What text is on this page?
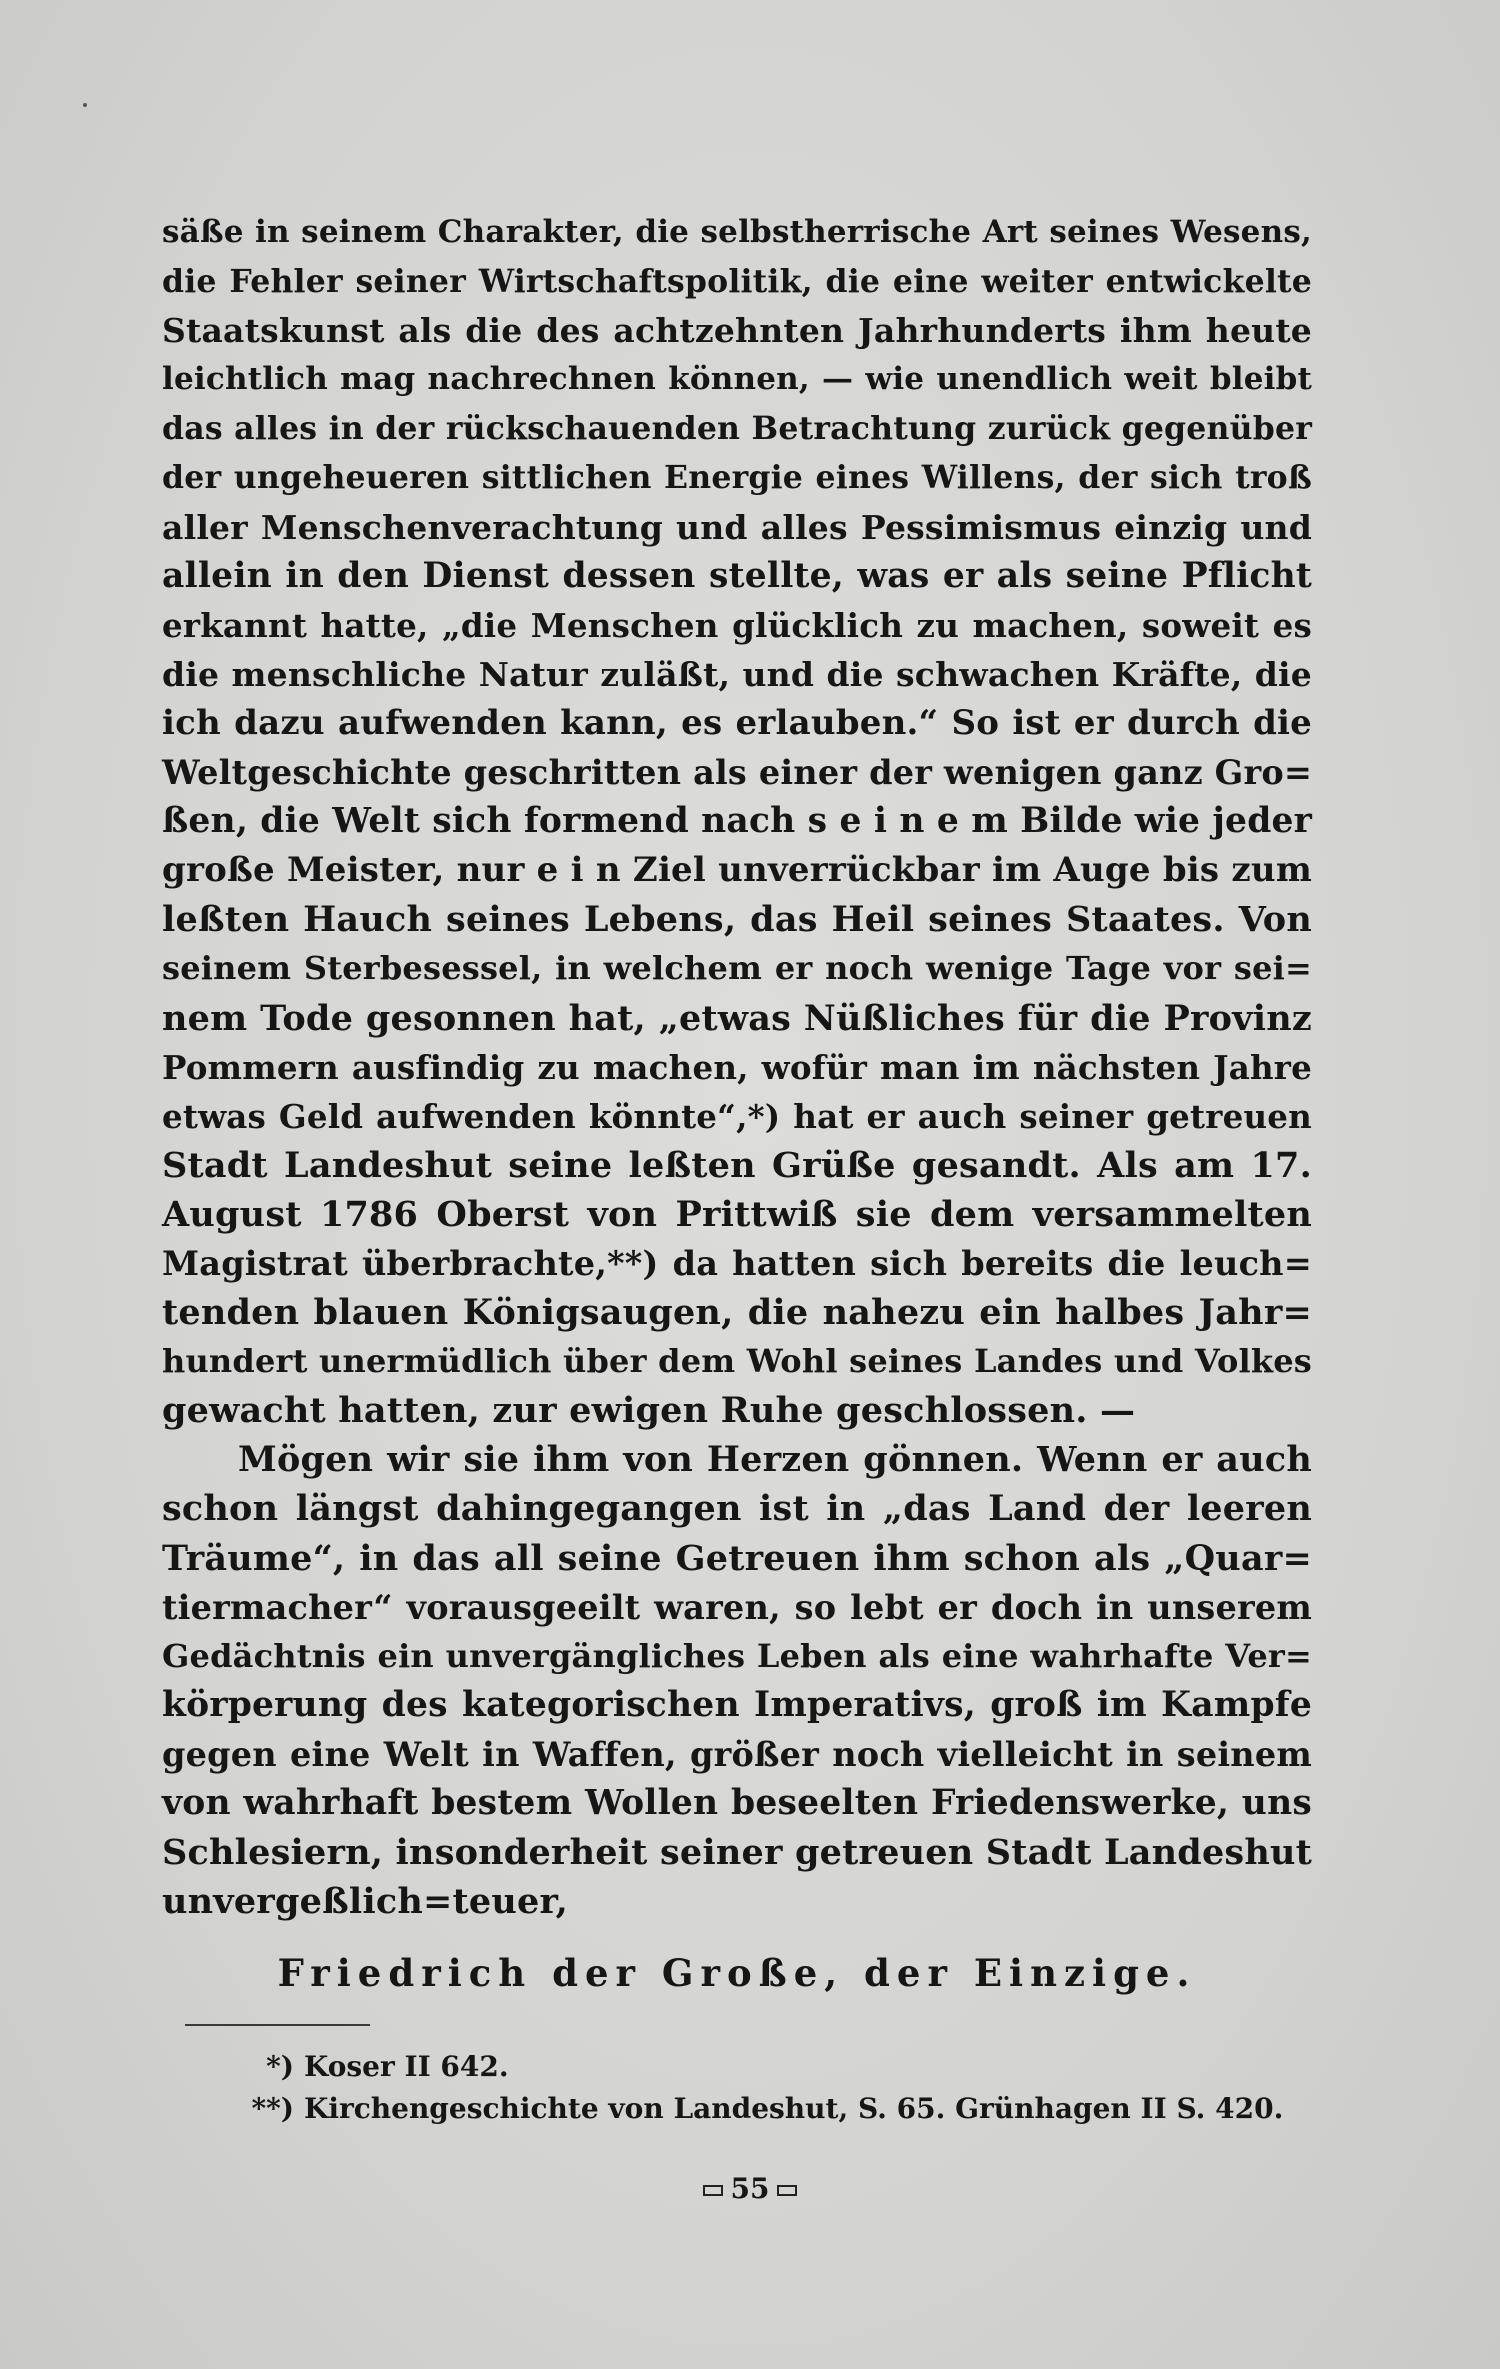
säße in seinem Charakter, die selbstherrische Art seines Wesens,
die Fehler seiner Wirtschaftspolitik, die eine weiter entwickelte
Staatskunst als die des achtzehnten Jahrhunderts ihm heute
leichtlich mag nachrechnen können, — wie unendlich weit bleibt
das alles in der rückschauenden Betrachtung zurück gegenüber
der ungeheueren sittlichen Energie eines Willens, der sich troß
aller Menschenverachtung und alles Pessimismus einzig und
allein in den Dienst dessen stellte, was er als seine Pflicht
erkannt hatte, „die Menschen glücklich zu machen, soweit es
die menschliche Natur zuläßt, und die schwachen Kräfte, die
ich dazu aufwenden kann, es erlauben.“ So ist er durch die
Weltgeschichte geschritten als einer der wenigen ganz Gro=
ßen, die Welt sich formend nach s e i n e m Bilde wie jeder
große Meister, nur e i n Ziel unverrückbar im Auge bis zum
leßten Hauch seines Lebens, das Heil seines Staates. Von
seinem Sterbesessel, in welchem er noch wenige Tage vor sei=
nem Tode gesonnen hat, „etwas Nüßliches für die Provinz
Pommern ausfindig zu machen, wofür man im nächsten Jahre
etwas Geld aufwenden könnte“,*) hat er auch seiner getreuen
Stadt Landeshut seine leßten Grüße gesandt. Als am 17.
August 1786 Oberst von Prittwiß sie dem versammelten
Magistrat überbrachte,**) da hatten sich bereits die leuch=
tenden blauen Königsaugen, die nahezu ein halbes Jahr=
hundert unermüdlich über dem Wohl seines Landes und Volkes
gewacht hatten, zur ewigen Ruhe geschlossen. —
Mögen wir sie ihm von Herzen gönnen. Wenn er auch
schon längst dahingegangen ist in „das Land der leeren
Träume“, in das all seine Getreuen ihm schon als „Quar=
tiermacher“ vorausgeeilt waren, so lebt er doch in unserem
Gedächtnis ein unvergängliches Leben als eine wahrhafte Ver=
körperung des kategorischen Imperativs, groß im Kampfe
gegen eine Welt in Waffen, größer noch vielleicht in seinem
von wahrhaft bestem Wollen beseelten Friedenswerke, uns
Schlesiern, insonderheit seiner getreuen Stadt Landeshut
unvergeßlich=teuer,
Friedrich der Große, der Einzige.
*) Koser II 642.
**) Kirchengeschichte von Landeshut, S. 65. Grünhagen II S. 420.
55
